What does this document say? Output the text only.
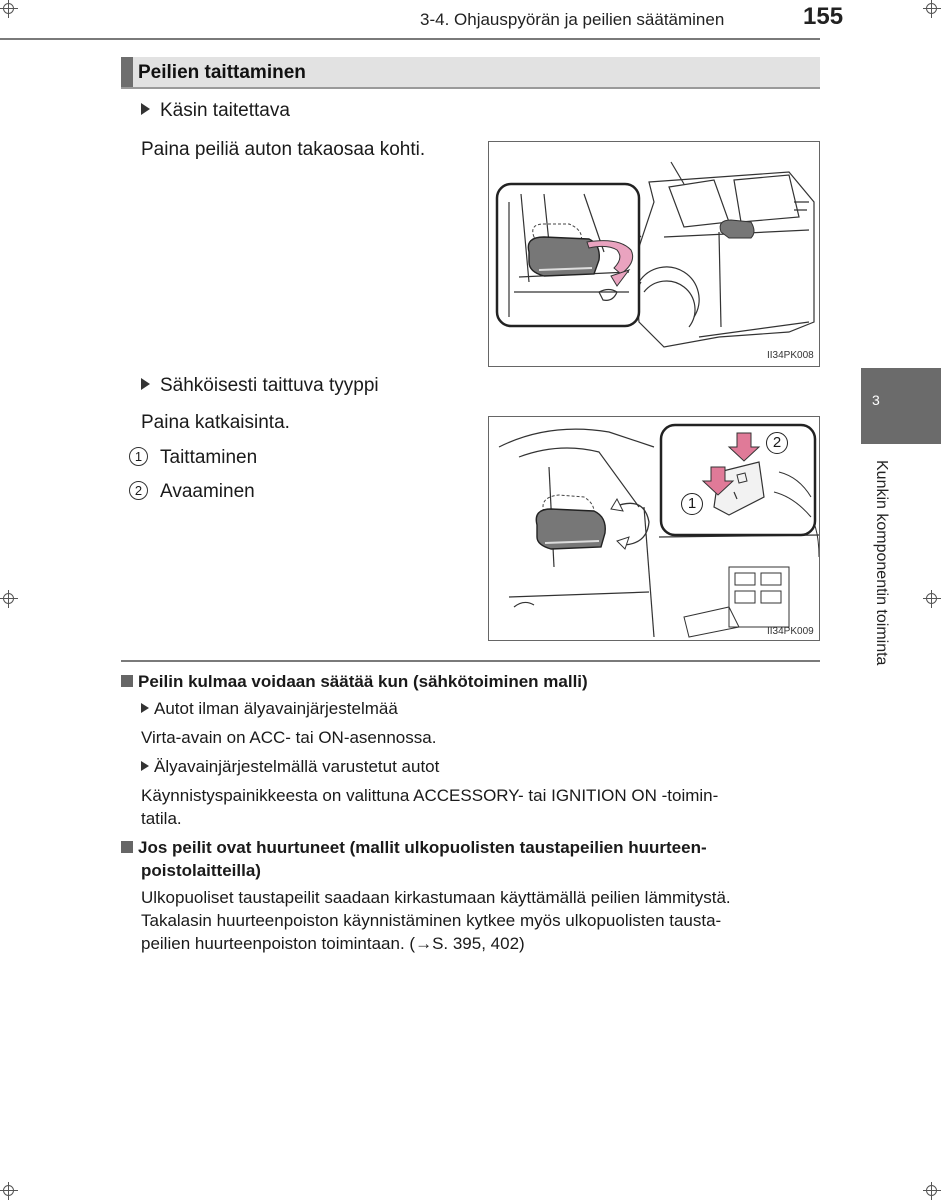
3-4. Ohjauspyörän ja peilien säätäminen	155
Peilien taittaminen
Käsin taitettava
Paina peiliä auton takaosaa kohti.
II34PK008
Sähköisesti taittuva tyyppi
Paina katkaisinta.
1 Taittaminen
2 Avaaminen
2
1
II34PK009
Peilin kulmaa voidaan säätää kun (sähkötoiminen malli)
Autot ilman älyavainjärjestelmää
Virta-avain on ACC- tai ON-asennossa.
Älyavainjärjestelmällä varustetut autot
Käynnistyspainikkeesta on valittuna ACCESSORY- tai IGNITION ON -toimin-
tatila.
Jos peilit ovat huurtuneet (mallit ulkopuolisten taustapeilien huurteen-
poistolaitteilla)
Ulkopuoliset taustapeilit saadaan kirkastumaan käyttämällä peilien lämmitystä.
Takalasin huurteenpoiston käynnistäminen kytkee myös ulkopuolisten tausta-
peilien huurteenpoiston toimintaan. (→S. 395, 402)
3
Kunkin komponentin toiminta
